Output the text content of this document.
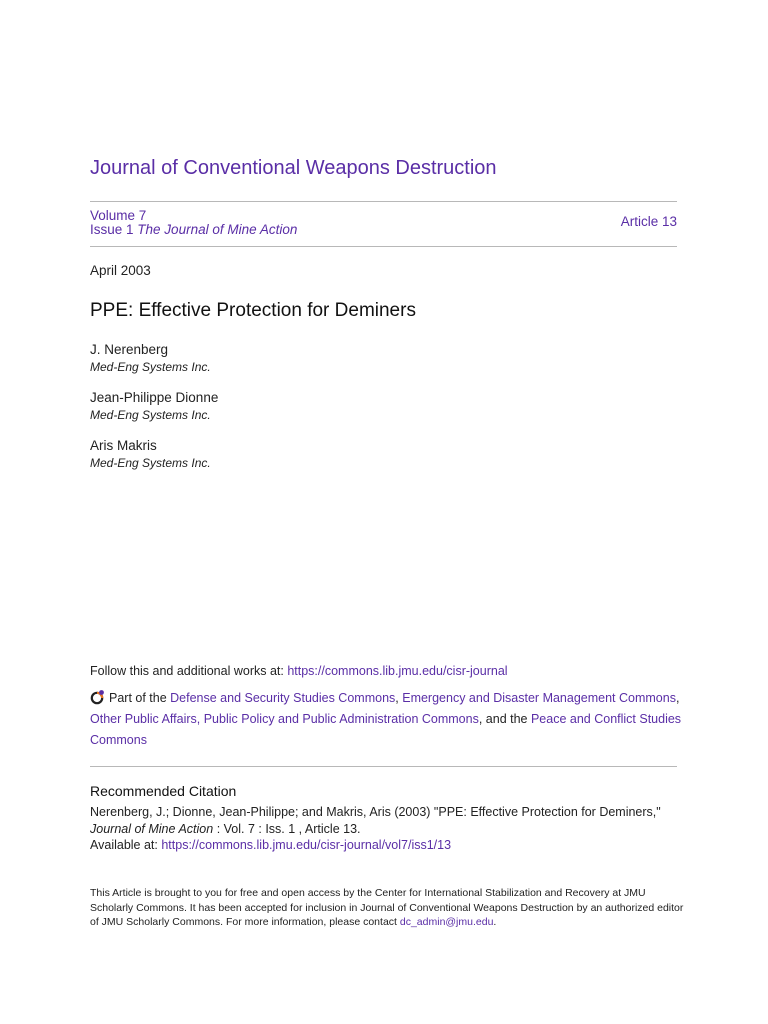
Journal of Conventional Weapons Destruction
Volume 7
Issue 1 The Journal of Mine Action
Article 13
April 2003
PPE: Effective Protection for Deminers
J. Nerenberg
Med-Eng Systems Inc.
Jean-Philippe Dionne
Med-Eng Systems Inc.
Aris Makris
Med-Eng Systems Inc.
Follow this and additional works at: https://commons.lib.jmu.edu/cisr-journal
Part of the Defense and Security Studies Commons, Emergency and Disaster Management Commons,
Other Public Affairs, Public Policy and Public Administration Commons, and the Peace and Conflict Studies Commons
Recommended Citation
Nerenberg, J.; Dionne, Jean-Philippe; and Makris, Aris (2003) "PPE: Effective Protection for Deminers,"
Journal of Mine Action : Vol. 7 : Iss. 1 , Article 13.
Available at: https://commons.lib.jmu.edu/cisr-journal/vol7/iss1/13
This Article is brought to you for free and open access by the Center for International Stabilization and Recovery at JMU Scholarly Commons. It has been accepted for inclusion in Journal of Conventional Weapons Destruction by an authorized editor of JMU Scholarly Commons. For more information, please contact dc_admin@jmu.edu.
